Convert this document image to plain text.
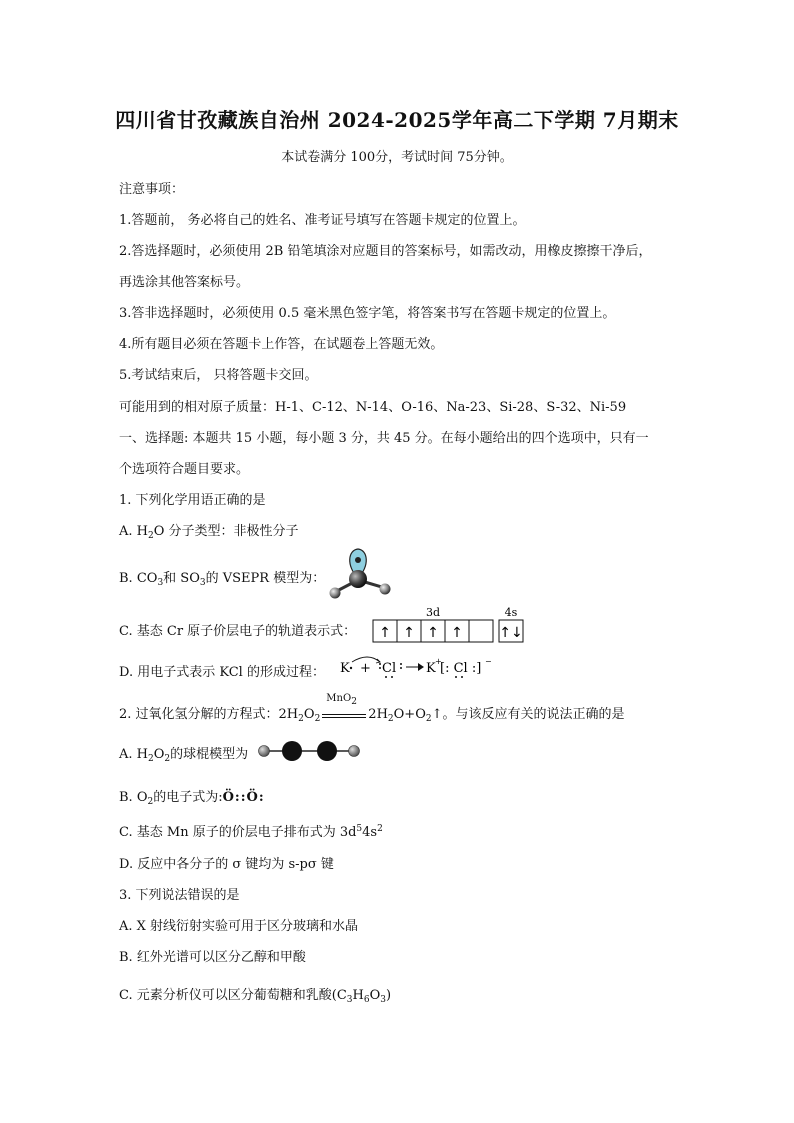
四川省甘孜藏族自治州 2024-2025学年高二下学期 7月期末
本试卷满分 100分，考试时间 75分钟。
注意事项：
1.答题前， 务必将自己的姓名、准考证号填写在答题卡规定的位置上。
2.答选择题时，必须使用 2B 铅笔填涂对应题目的答案标号，如需改动，用橡皮擦擦干净后，
再选涂其他答案标号。
3.答非选择题时，必须使用 0.5 毫米黑色签字笔，将答案书写在答题卡规定的位置上。
4.所有题目必须在答题卡上作答，在试题卷上答题无效。
5.考试结束后， 只将答题卡交回。
可能用到的相对原子质量：H-1、C-12、N-14、O-16、Na-23、Si-28、S-32、Ni-59
一、选择题: 本题共 15 小题，每小题 3 分，共 45 分。在每小题给出的四个选项中，只有一
个选项符合题目要求。
1. 下列化学用语正确的是
A. $H_2O$ 分子类型：非极性分子
B. $CO_3$和 $SO_3$的 VSEPR 模型为：
C. 基态 Cr 原子价层电子的轨道表示式：
3d	4s
↑ ↑ ↑ ↑	↑↓
D. 用电子式表示 KCl 的形成过程： K + Cl K +
[: Cl :] −
2. 过氧化氢分解的方程式：$2H_2O_2$
MnO$_2$
$2H_2O+O_2↑$。与该反应有关的说法正确的是
A. $H_2O_2$的球棍模型为
B. $O_2$的电子式为:Ö::Ö:
C. 基态 Mn 原子的价层电子排布式为 $3d^54s^2$
D. 反应中各分子的 σ 键均为 s-pσ 键
3. 下列说法错误的是
A. X 射线衍射实验可用于区分玻璃和水晶
B. 红外光谱可以区分乙醇和甲酸
C. 元素分析仪可以区分葡萄糖和乳酸$(C_3H_6O_3)$
